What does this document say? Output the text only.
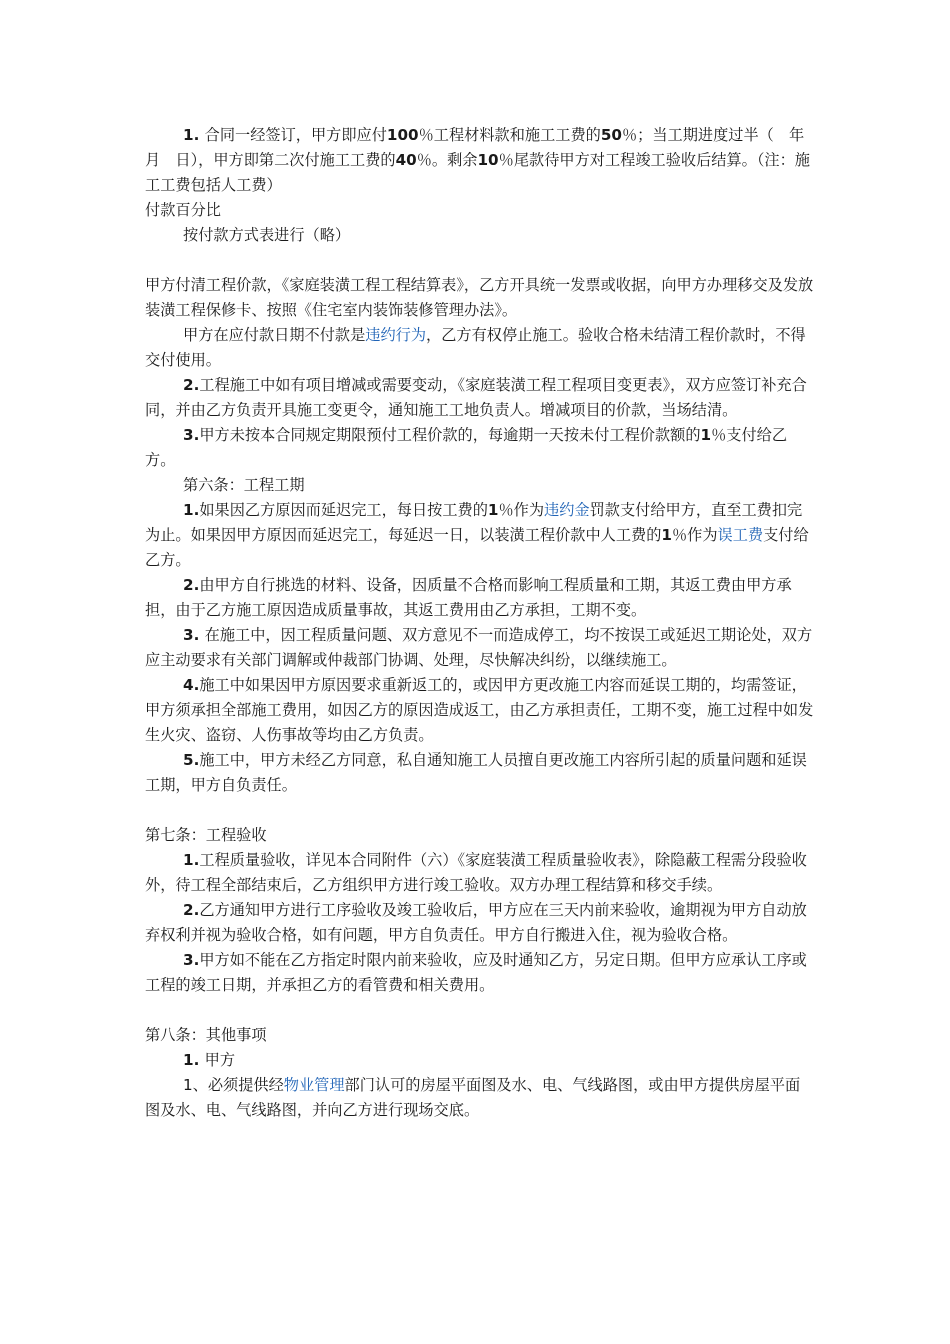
1. 合同一经签订，甲方即应付100％工程材料款和施工工费的50％；当工期进度过半（　年　月　日），甲方即第二次付施工工费的40％。剩余10％尾款待甲方对工程竣工验收后结算。（注：施工工费包括人工费）

付款百分比

按付款方式表进行（略）

甲方付清工程价款，《家庭装潢工程工程结算表》，乙方开具统一发票或收据，向甲方办理移交及发放装潢工程保修卡、按照《住宅室内装饰装修管理办法》。

甲方在应付款日期不付款是违约行为，乙方有权停止施工。验收合格未结清工程价款时，不得交付使用。

2.工程施工中如有项目增减或需要变动，《家庭装潢工程工程项目变更表》，双方应签订补充合同，并由乙方负责开具施工变更令，通知施工工地负责人。增减项目的价款，当场结清。

3.甲方未按本合同规定期限预付工程价款的，每逾期一天按未付工程价款额的1％支付给乙方。

第六条：工程工期

1.如果因乙方原因而延迟完工，每日按工费的1％作为违约金罚款支付给甲方，直至工费扣完为止。如果因甲方原因而延迟完工，每延迟一日，以装潢工程价款中人工费的1％作为误工费支付给乙方。

2.由甲方自行挑选的材料、设备，因质量不合格而影响工程质量和工期，其返工费由甲方承担，由于乙方施工原因造成质量事故，其返工费用由乙方承担，工期不变。

3. 在施工中，因工程质量问题、双方意见不一而造成停工，均不按误工或延迟工期论处，双方应主动要求有关部门调解或仲裁部门协调、处理，尽快解决纠纷，以继续施工。

4.施工中如果因甲方原因要求重新返工的，或因甲方更改施工内容而延误工期的，均需签证，甲方须承担全部施工费用，如因乙方的原因造成返工，由乙方承担责任，工期不变，施工过程中如发生火灾、盗窃、人伤事故等均由乙方负责。

5.施工中，甲方未经乙方同意，私自通知施工人员擅自更改施工内容所引起的质量问题和延误工期，甲方自负责任。

第七条：工程验收

1.工程质量验收，详见本合同附件（六）《家庭装潢工程质量验收表》，除隐蔽工程需分段验收外，待工程全部结束后，乙方组织甲方进行竣工验收。双方办理工程结算和移交手续。

2.乙方通知甲方进行工序验收及竣工验收后，甲方应在三天内前来验收，逾期视为甲方自动放弃权利并视为验收合格，如有问题，甲方自负责任。甲方自行搬进入住，视为验收合格。

3.甲方如不能在乙方指定时限内前来验收，应及时通知乙方，另定日期。但甲方应承认工序或工程的竣工日期，并承担乙方的看管费和相关费用。

第八条：其他事项

1. 甲方

1、必须提供经物业管理部门认可的房屋平面图及水、电、气线路图，或由甲方提供房屋平面图及水、电、气线路图，并向乙方进行现场交底。
